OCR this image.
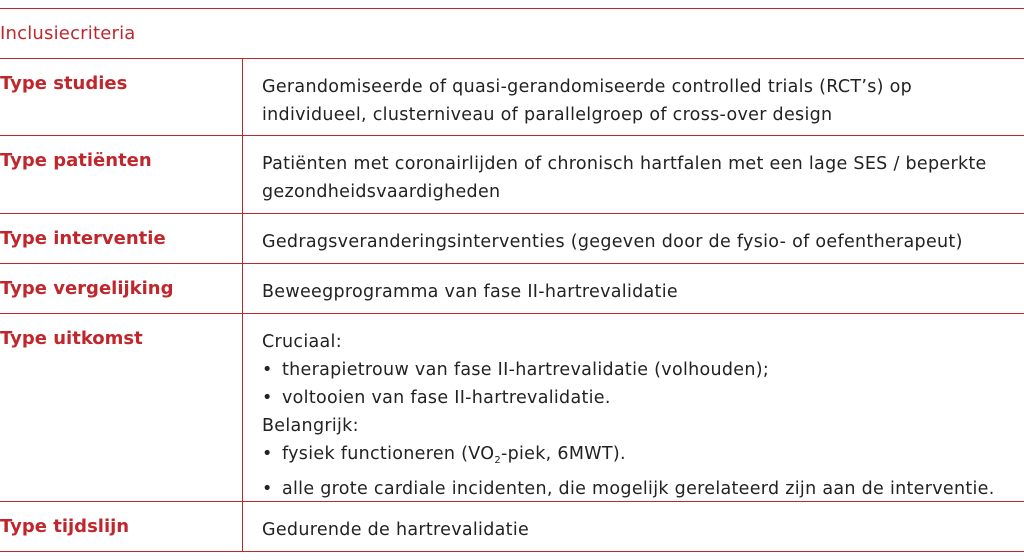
Inclusiecriteria
Type studies	Gerandomiseerde of quasi-gerandomiseerde controlled trials (RCT’s) op
individueel, clusterniveau of parallelgroep of cross-over design
Type patiënten	Patiënten met coronairlijden of chronisch hartfalen met een lage SES / beperkte
gezondheidsvaardigheden
Type interventie	Gedragsveranderingsinterventies (gegeven door de fysio- of oefentherapeut)
Type vergelijking	Beweegprogramma van fase II-hartrevalidatie
Type uitkomst	Cruciaal:
• therapietrouw van fase II-hartrevalidatie (volhouden);
• voltooien van fase II-hartrevalidatie.
Belangrijk:
• fysiek functioneren ($VO_2$-piek, 6MWT).
• alle grote cardiale incidenten, die mogelijk gerelateerd zijn aan de interventie.
Type tijdslijn	Gedurende de hartrevalidatie
